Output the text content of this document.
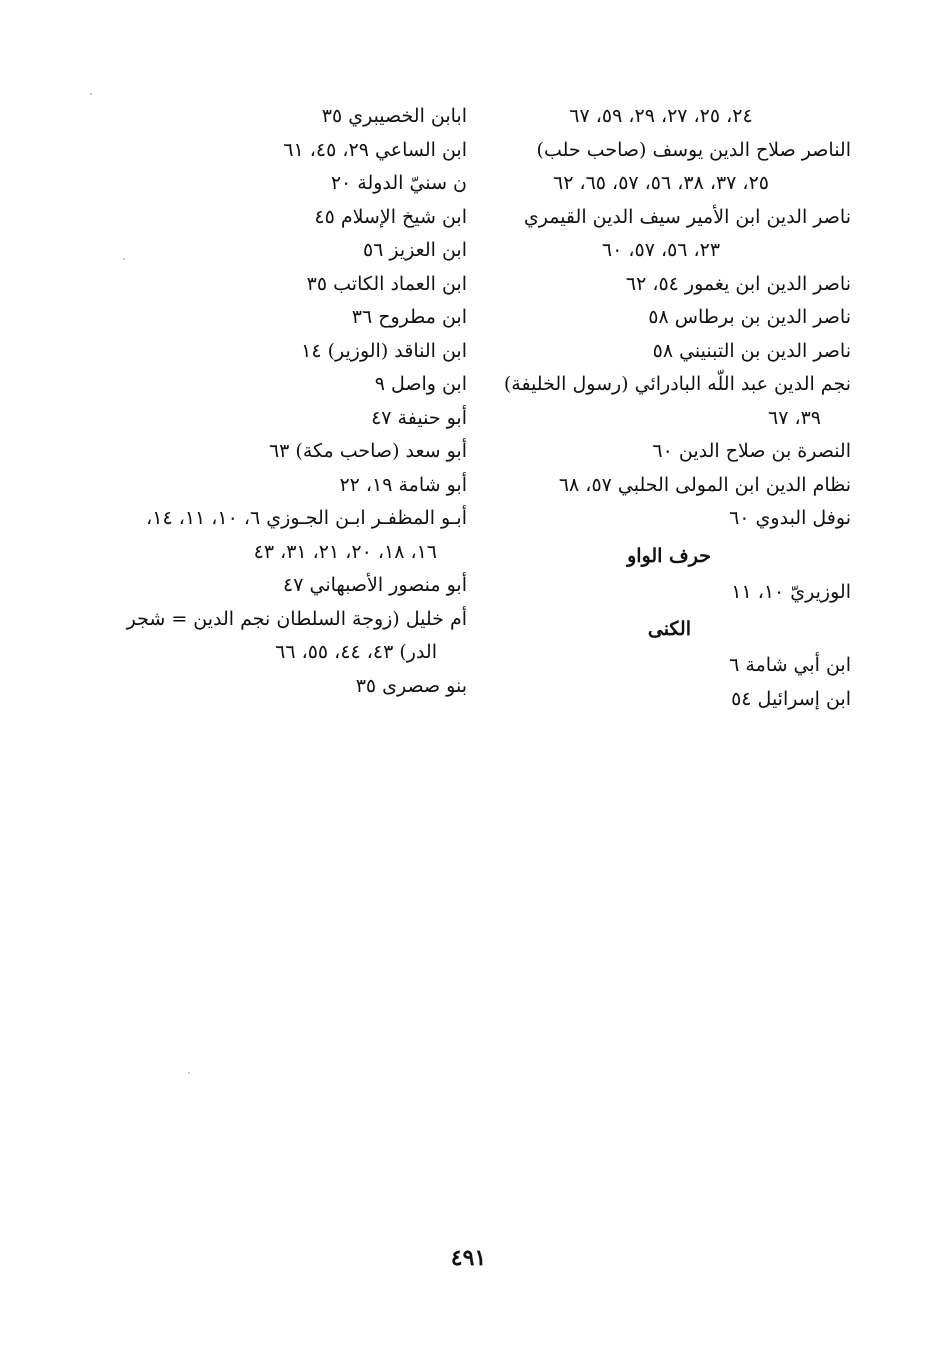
٢٤، ٢٥، ٢٧، ٢٩، ٥٩، ٦٧
الناصر صلاح الدين يوسف (صاحب حلب)
٢٥، ٣٧، ٣٨، ٥٦، ٥٧، ٦٥، ٦٢
ناصر الدين ابن الأمير سيف الدين القيمري
٢٣، ٥٦، ٥٧، ٦٠
ناصر الدين ابن يغمور ٥٤، ٦٢
ناصر الدين بن برطاس ٥٨
ناصر الدين بن التبنيني ٥٨
نجم الدين عبد اللّه البادرائي (رسول الخليفة)
٣٩، ٦٧
النصرة بن صلاح الدين ٦٠
نظام الدين ابن المولى الحلبي ٥٧، ٦٨
نوفل البدوي ٦٠
حرف الواو
الوزيريّ ١٠، ١١
الكنى
ابن أبي شامة ٦
ابن إسرائيل ٥٤
ابابن الخصيبري ٣٥
ابن الساعي ٢٩، ٤٥، ٦١
ن سنيّ الدولة ٢٠
ابن شيخ الإسلام ٤٥
ابن العزيز ٥٦
ابن العماد الكاتب ٣٥
ابن مطروح ٣٦
ابن الناقد (الوزير) ١٤
ابن واصل ٩
أبو حنيفة ٤٧
أبو سعد (صاحب مكة) ٦٣
أبو شامة ١٩، ٢٢
أبـو المظفـر ابـن الجـوزي ٦، ١٠، ١١، ١٤،
١٦، ١٨، ٢٠، ٢١، ٣١، ٤٣
أبو منصور الأصبهاني ٤٧
أم خليل (زوجة السلطان نجم الدين = شجر
الدر) ٤٣، ٤٤، ٥٥، ٦٦
بنو صصرى ٣٥
٤٩١
